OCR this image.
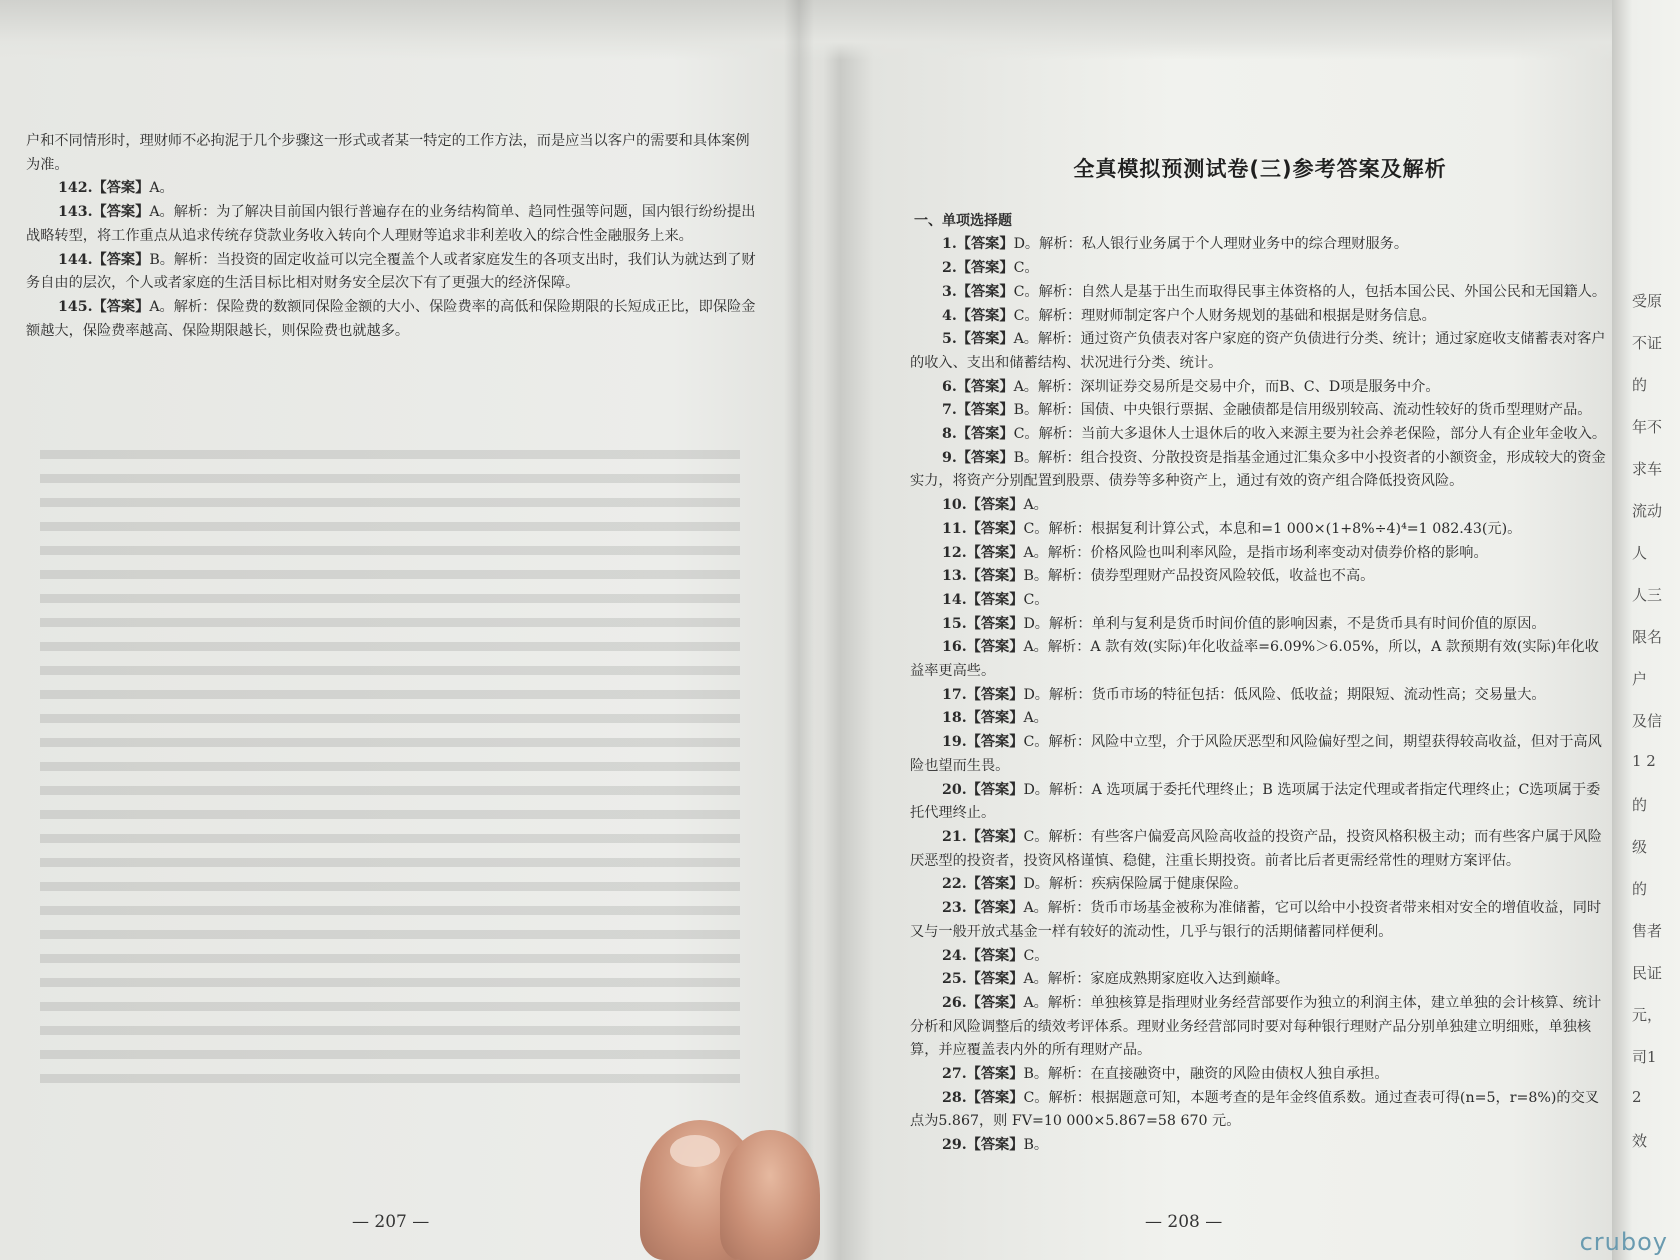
户和不同情形时，理财师不必拘泥于几个步骤这一形式或者某一特定的工作方法，而是应当以客户的需要和具体案例为准。

142.【答案】A。

143.【答案】A。解析：为了解决目前国内银行普遍存在的业务结构简单、趋同性强等问题，国内银行纷纷提出战略转型，将工作重点从追求传统存贷款业务收入转向个人理财等追求非利差收入的综合性金融服务上来。

144.【答案】B。解析：当投资的固定收益可以完全覆盖个人或者家庭发生的各项支出时，我们认为就达到了财务自由的层次，个人或者家庭的生活目标比相对财务安全层次下有了更强大的经济保障。

145.【答案】A。解析：保险费的数额同保险金额的大小、保险费率的高低和保险期限的长短成正比，即保险金额越大，保险费率越高、保险期限越长，则保险费也就越多。

— 207 —
全真模拟预测试卷(三)参考答案及解析
一、单项选择题

1.【答案】D。解析：私人银行业务属于个人理财业务中的综合理财服务。

2.【答案】C。

3.【答案】C。解析：自然人是基于出生而取得民事主体资格的人，包括本国公民、外国公民和无国籍人。

4.【答案】C。解析：理财师制定客户个人财务规划的基础和根据是财务信息。

5.【答案】A。解析：通过资产负债表对客户家庭的资产负债进行分类、统计；通过家庭收支储蓄表对客户的收入、支出和储蓄结构、状况进行分类、统计。

6.【答案】A。解析：深圳证券交易所是交易中介，而B、C、D项是服务中介。

7.【答案】B。解析：国债、中央银行票据、金融债都是信用级别较高、流动性较好的货币型理财产品。

8.【答案】C。解析：当前大多退休人士退休后的收入来源主要为社会养老保险，部分人有企业年金收入。

9.【答案】B。解析：组合投资、分散投资是指基金通过汇集众多中小投资者的小额资金，形成较大的资金实力，将资产分别配置到股票、债券等多种资产上，通过有效的资产组合降低投资风险。

10.【答案】A。

11.【答案】C。解析：根据复利计算公式，本息和=1 000×(1+8%÷4)⁴=1 082.43(元)。

12.【答案】A。解析：价格风险也叫利率风险，是指市场利率变动对债券价格的影响。

13.【答案】B。解析：债券型理财产品投资风险较低，收益也不高。

14.【答案】C。

15.【答案】D。解析：单利与复利是货币时间价值的影响因素，不是货币具有时间价值的原因。

16.【答案】A。解析：A 款有效(实际)年化收益率=6.09%＞6.05%，所以，A 款预期有效(实际)年化收益率更高些。

17.【答案】D。解析：货币市场的特征包括：低风险、低收益；期限短、流动性高；交易量大。

18.【答案】A。

19.【答案】C。解析：风险中立型，介于风险厌恶型和风险偏好型之间，期望获得较高收益，但对于高风险也望而生畏。

20.【答案】D。解析：A 选项属于委托代理终止；B 选项属于法定代理或者指定代理终止；C选项属于委托代理终止。

21.【答案】C。解析：有些客户偏爱高风险高收益的投资产品，投资风格积极主动；而有些客户属于风险厌恶型的投资者，投资风格谨慎、稳健，注重长期投资。前者比后者更需经常性的理财方案评估。

22.【答案】D。解析：疾病保险属于健康保险。

23.【答案】A。解析：货币市场基金被称为准储蓄，它可以给中小投资者带来相对安全的增值收益，同时又与一般开放式基金一样有较好的流动性，几乎与银行的活期储蓄同样便利。

24.【答案】C。

25.【答案】A。解析：家庭成熟期家庭收入达到巅峰。

26.【答案】A。解析：单独核算是指理财业务经营部要作为独立的利润主体，建立单独的会计核算、统计分析和风险调整后的绩效考评体系。理财业务经营部同时要对每种银行理财产品分别单独建立明细账，单独核算，并应覆盖表内外的所有理财产品。

27.【答案】B。解析：在直接融资中，融资的风险由债权人独自承担。

28.【答案】C。解析：根据题意可知，本题考查的是年金终值系数。通过查表可得(n=5，r=8%)的交叉点为5.867，则 FV=10 000×5.867=58 670 元。

29.【答案】B。

— 208 —
受原
不证
的
年不
求车
流动
人
人三
限名
户
及信
1 2
的
级
的
售者
民证
元，
司1
2
效
cruboy
